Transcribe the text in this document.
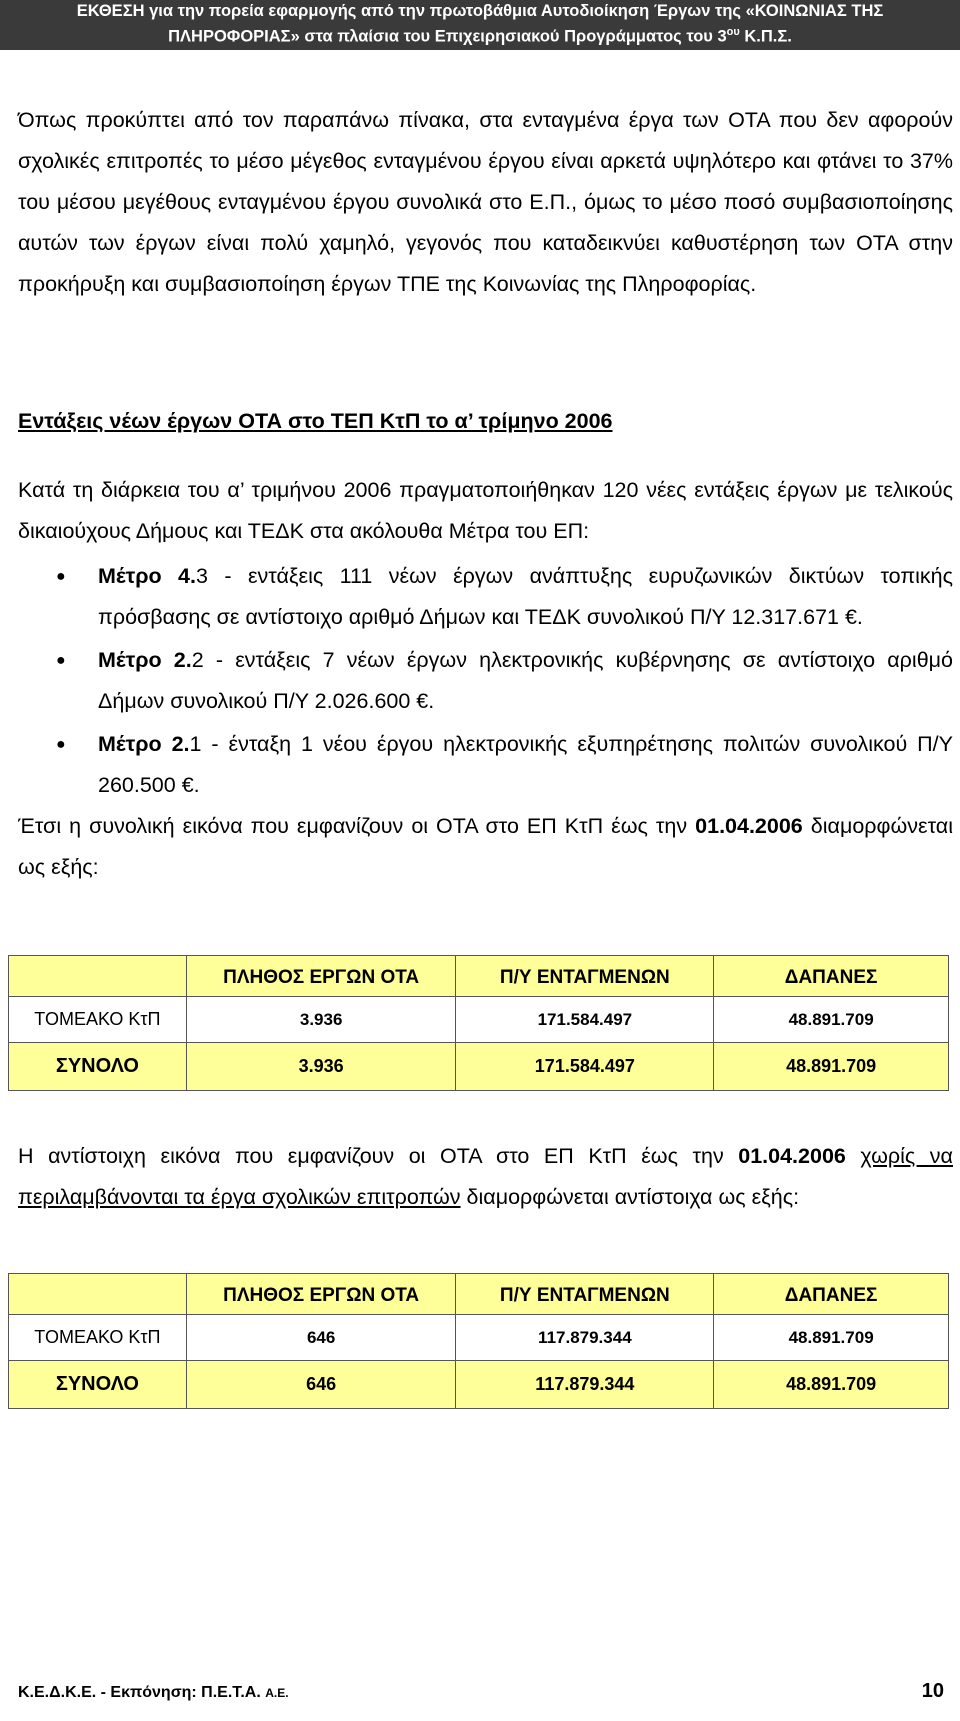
ΕΚΘΕΣΗ για την πορεία εφαρμογής από την πρωτοβάθμια Αυτοδιοίκηση Έργων της «ΚΟΙΝΩΝΙΑΣ ΤΗΣ
ΠΛΗΡΟΦΟΡΙΑΣ» στα πλαίσια του Επιχειρησιακού Προγράμματος του $3^{o\upsilon}$ Κ.Π.Σ.

Όπως προκύπτει από τον παραπάνω πίνακα, στα ενταγμένα έργα των ΟΤΑ που δεν αφορούν σχολικές επιτροπές το μέσο μέγεθος ενταγμένου έργου είναι αρκετά υψηλότερο και φτάνει το 37% του μέσου μεγέθους ενταγμένου έργου συνολικά στο Ε.Π., όμως το μέσο ποσό συμβασιοποίησης αυτών των έργων είναι πολύ χαμηλό, γεγονός που καταδεικνύει καθυστέρηση των ΟΤΑ στην προκήρυξη και συμβασιοποίηση έργων ΤΠΕ της Κοινωνίας της Πληροφορίας.

Εντάξεις νέων έργων ΟΤΑ στο ΤΕΠ ΚτΠ το α’ τρίμηνο 2006

Κατά τη διάρκεια του α’ τριμήνου 2006 πραγματοποιήθηκαν 120 νέες εντάξεις έργων με τελικούς δικαιούχους Δήμους και ΤΕΔΚ στα ακόλουθα Μέτρα του ΕΠ:

● Μέτρο 4.3 - εντάξεις 111 νέων έργων ανάπτυξης ευρυζωνικών δικτύων τοπικής πρόσβασης σε αντίστοιχο αριθμό Δήμων και ΤΕΔΚ συνολικού Π/Υ 12.317.671 €.
● Μέτρο 2.2 - εντάξεις 7 νέων έργων ηλεκτρονικής κυβέρνησης σε αντίστοιχο αριθμό Δήμων συνολικού Π/Υ 2.026.600 €.
● Μέτρο 2.1 - ένταξη 1 νέου έργου ηλεκτρονικής εξυπηρέτησης πολιτών συνολικού Π/Υ 260.500 €.

Έτσι η συνολική εικόνα που εμφανίζουν οι ΟΤΑ στο ΕΠ ΚτΠ έως την 01.04.2006 διαμορφώνεται ως εξής:

	ΠΛΗΘΟΣ ΕΡΓΩΝ ΟΤΑ	Π/Υ ΕΝΤΑΓΜΕΝΩΝ	ΔΑΠΑΝΕΣ
ΤΟΜΕΑΚΟ ΚτΠ	3.936	171.584.497	48.891.709
ΣΥΝΟΛΟ	3.936	171.584.497	48.891.709

Η αντίστοιχη εικόνα που εμφανίζουν οι ΟΤΑ στο ΕΠ ΚτΠ έως την 01.04.2006 χωρίς να περιλαμβάνονται τα έργα σχολικών επιτροπών διαμορφώνεται αντίστοιχα ως εξής:

	ΠΛΗΘΟΣ ΕΡΓΩΝ ΟΤΑ	Π/Υ ΕΝΤΑΓΜΕΝΩΝ	ΔΑΠΑΝΕΣ
ΤΟΜΕΑΚΟ ΚτΠ	646	117.879.344	48.891.709
ΣΥΝΟΛΟ	646	117.879.344	48.891.709
Κ.Ε.Δ.Κ.Ε. - Εκπόνηση: Π.Ε.Τ.Α. Α.Ε.	10
